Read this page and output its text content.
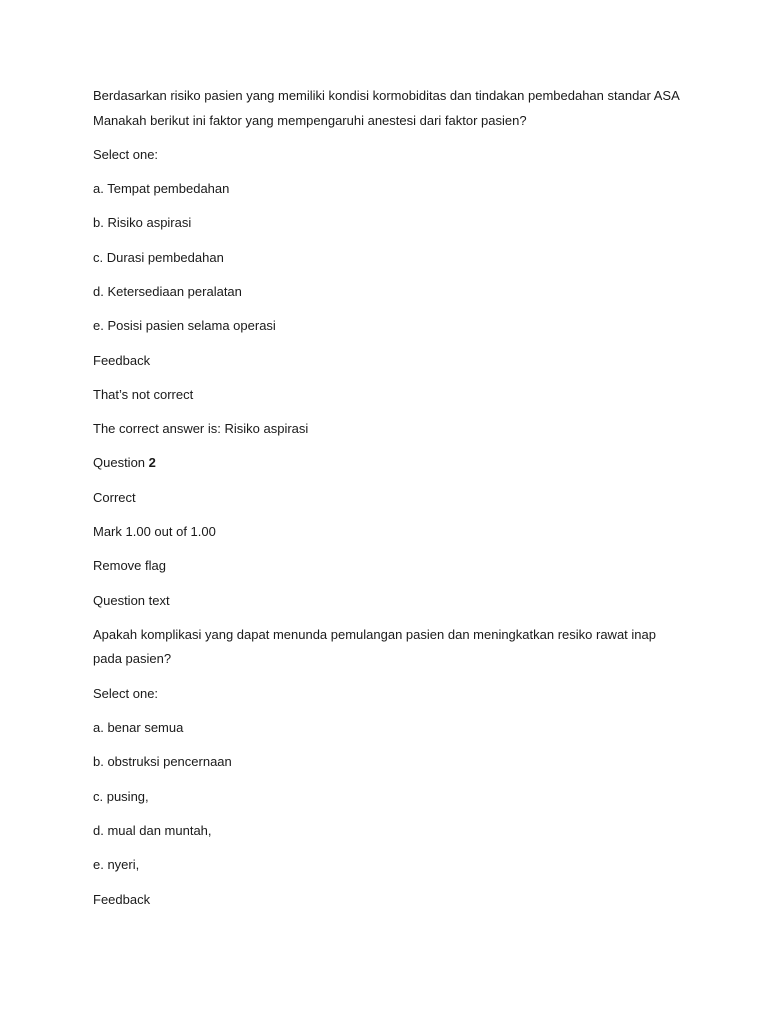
Berdasarkan risiko pasien yang memiliki kondisi kormobiditas dan tindakan pembedahan standar ASA

Manakah berikut ini faktor yang mempengaruhi anestesi dari faktor pasien?

Select one:

a. Tempat pembedahan

b. Risiko aspirasi

c. Durasi pembedahan

d. Ketersediaan peralatan

e. Posisi pasien selama operasi

Feedback

That’s not correct

The correct answer is: Risiko aspirasi

Question 2

Correct

Mark 1.00 out of 1.00

Remove flag

Question text

Apakah komplikasi yang dapat menunda pemulangan pasien dan meningkatkan resiko rawat inap

pada pasien?

Select one:

a. benar semua

b. obstruksi pencernaan

c. pusing,

d. mual dan muntah,

e. nyeri,

Feedback
